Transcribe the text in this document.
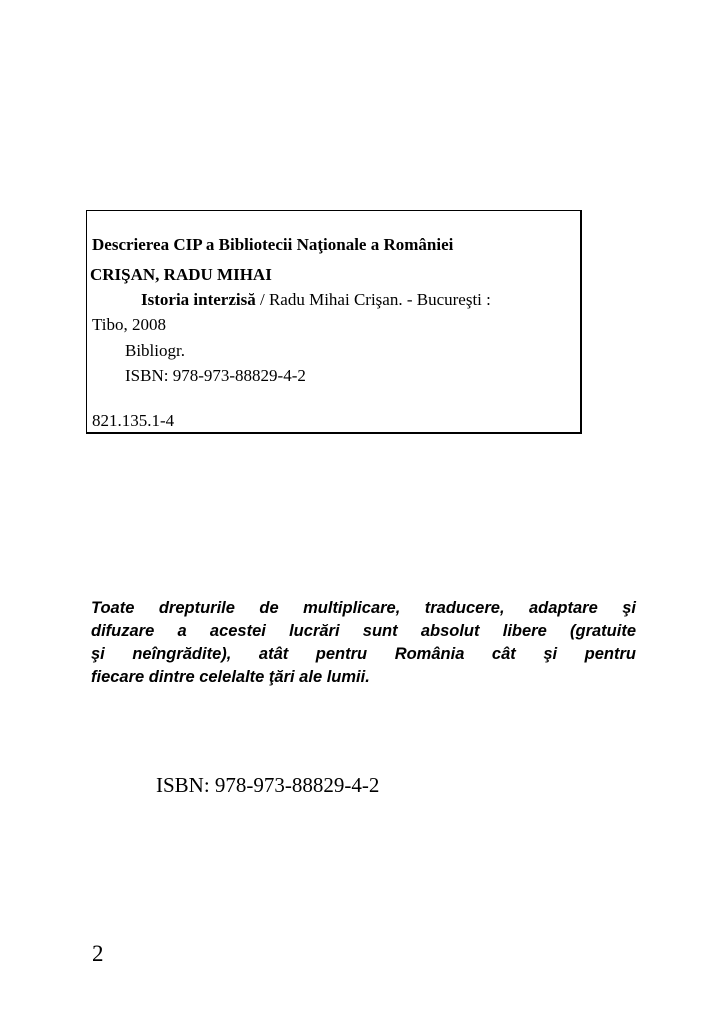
Descrierea CIP a Bibliotecii Naţionale a României
CRIŞAN, RADU MIHAI
Istoria interzisă / Radu Mihai Crişan. - Bucureşti :
Tibo, 2008
Bibliogr.
ISBN: 978-973-88829-4-2
821.135.1-4
Toate drepturile de multiplicare, traducere, adaptare şi
difuzare a acestei lucrări sunt absolut libere (gratuite
şi neîngrădite), atât pentru România cât şi pentru
fiecare dintre celelalte ţări ale lumii.
ISBN: 978-973-88829-4-2
2
